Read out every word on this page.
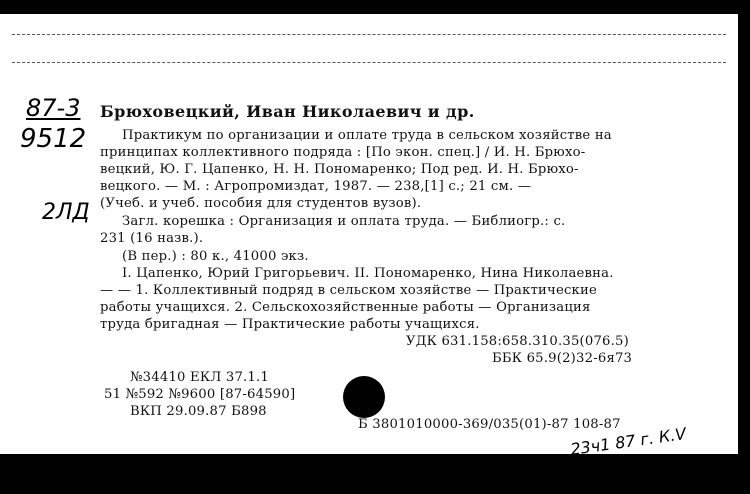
87-3
9512
2ЛД
Брюховецкий, Иван Николаевич и др.
Практикум по организации и оплате труда в сельском хозяйстве на
принципах коллективного подряда : [По экон. спец.] / И. Н. Брюхо-
вецкий, Ю. Г. Цапенко, Н. Н. Пономаренко; Под ред. И. Н. Брюхо-
вецкого. — М. : Агропромиздат, 1987. — 238,[1] с.; 21 см. —
(Учеб. и учеб. пособия для студентов вузов).
Загл. корешка : Организация и оплата труда. — Библиогр.: с.
231 (16 назв.).
(В пер.) : 80 к., 41000 экз.
I. Цапенко, Юрий Григорьевич. II. Пономаренко, Нина Николаевна.
— — 1. Коллективный подряд в сельском хозяйстве — Практические
работы учащихся. 2. Сельскохозяйственные работы — Организация
труда бригадная — Практические работы учащихся.
УДК 631.158:658.310.35(076.5)
ББК 65.9(2)32-6я73
№34410 ЕКЛ 37.1.1
51 №592 №9600 [87-64590]
ВКП 29.09.87 Б898
Б 3801010000-369/035(01)-87 108-87
23ч1 87 г. К.V
